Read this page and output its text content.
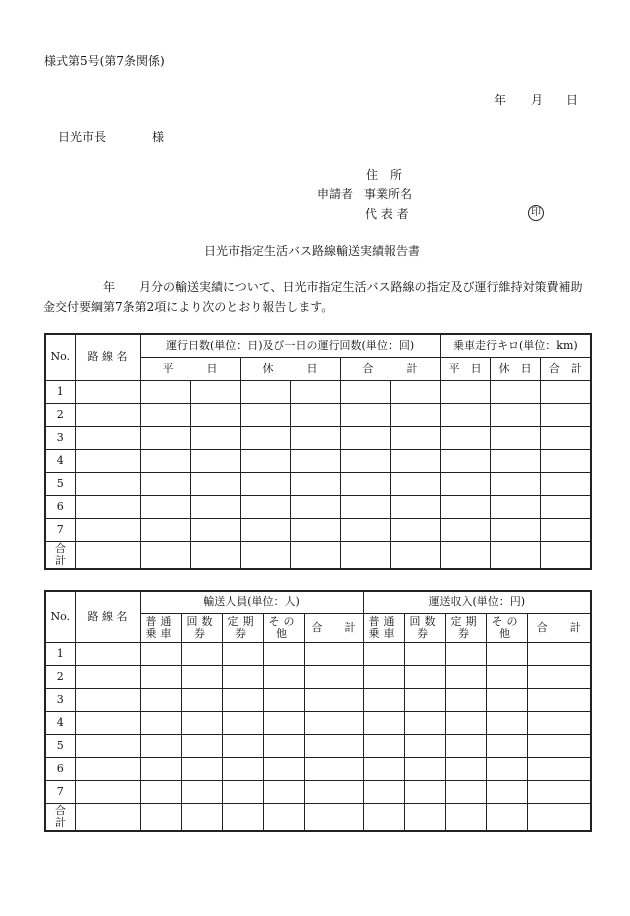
様式第5号(第7条関係)
年 月 日
日光市長	様
住　所
申請者 事業所名
代 表 者	印
日光市指定生活バス路線輸送実績報告書
年　　月分の輸送実績について、日光市指定生活バス路線の指定及び運行維持対策費補助
金交付要綱第7条第2項により次のとおり報告します。
No.	路 線 名	運行日数(単位：日)及び一日の運行回数(単位：回)						乗車走行キロ(単位：km)		
		平　　　日		休　　　日		合　　　計		平　日	休　日	合　計
1										
2										
3										
4										
5										
6										
7										
合計										
No.	路 線 名	輸送人員(単位：人)					運送収入(単位：円)				
		普通乗車	回数券	定期券	その他	合　　計	普通乗車	回数券	定期券	その他	合　　計
1											
2											
3											
4											
5											
6											
7											
合計											
